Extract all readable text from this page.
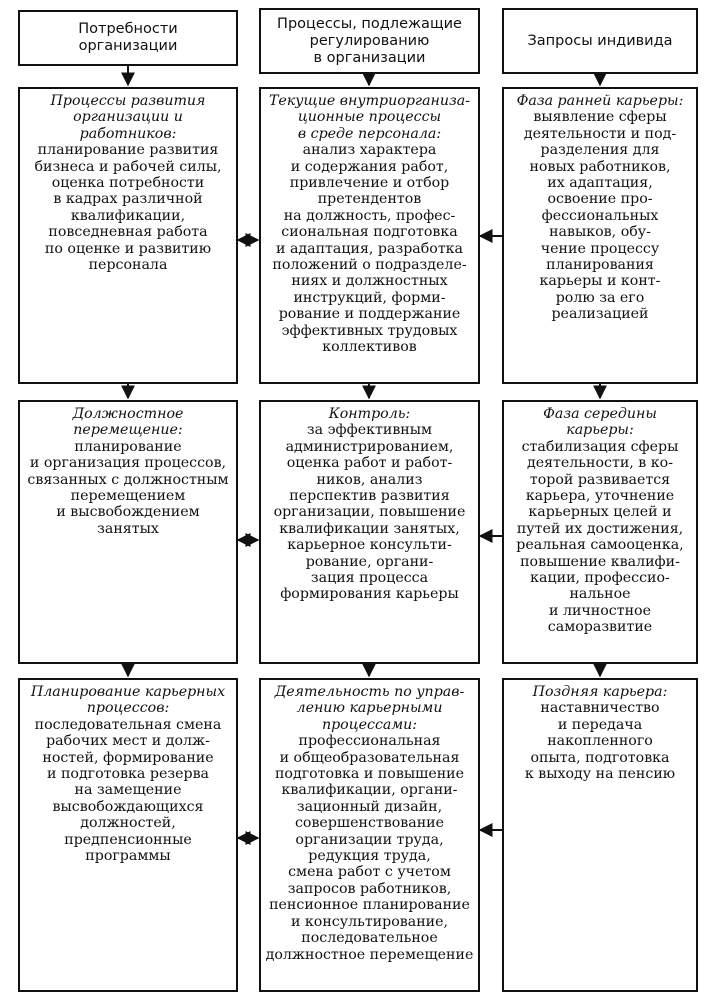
Потребности
организации
Процессы, подлежащие
регулированию
в организации
Запросы индивида
Процессы развития
организации и работников:
планирование развития
бизнеса и рабочей силы,
оценка потребности
в кадрах различной
квалификации,
повседневная работа
по оценке и развитию
персонала
Текущие внутриорганиза-
ционные процессы
в среде персонала:
анализ характера
и содержания работ,
привлечение и отбор
претендентов
на должность, профес-
сиональная подготовка
и адаптация, разработка
положений о подразделе-
ниях и должностных
инструкций, форми-
рование и поддержание
эффективных трудовых
коллективов
Фаза ранней карьеры:
выявление сферы
деятельности и под-
разделения для
новых работников,
их адаптация,
освоение про-
фессиональных
навыков, обу-
чение процессу
планирования
карьеры и конт-
ролю за его
реализацией
Должностное перемещение:
планирование
и организация процессов,
связанных с должностным
перемещением
и высвобождением
занятых
Контроль:
за эффективным
администрированием,
оценка работ и работ-
ников, анализ
перспектив развития
организации, повышение
квалификации занятых,
карьерное консульти-
рование, органи-
зация процесса
формирования карьеры
Фаза середины
карьеры:
стабилизация сферы
деятельности, в ко-
торой развивается
карьера, уточнение
карьерных целей и
путей их достижения,
реальная самооценка,
повышение квалифи-
кации, профессио-
нальное
и личностное
саморазвитие
Планирование карьерных
процессов:
последовательная смена
рабочих мест и долж-
ностей, формирование
и подготовка резерва
на замещение
высвобождающихся
должностей,
предпенсионные
программы
Деятельность по управ-
лению карьерными
процессами:
профессиональная
и общеобразовательная
подготовка и повышение
квалификации, органи-
зационный дизайн,
совершенствование
организации труда,
редукция труда,
смена работ с учетом
запросов работников,
пенсионное планирование
и консультирование,
последовательное
должностное перемещение
Поздняя карьера:
наставничество
и передача
накопленного
опыта, подготовка
к выходу на пенсию
